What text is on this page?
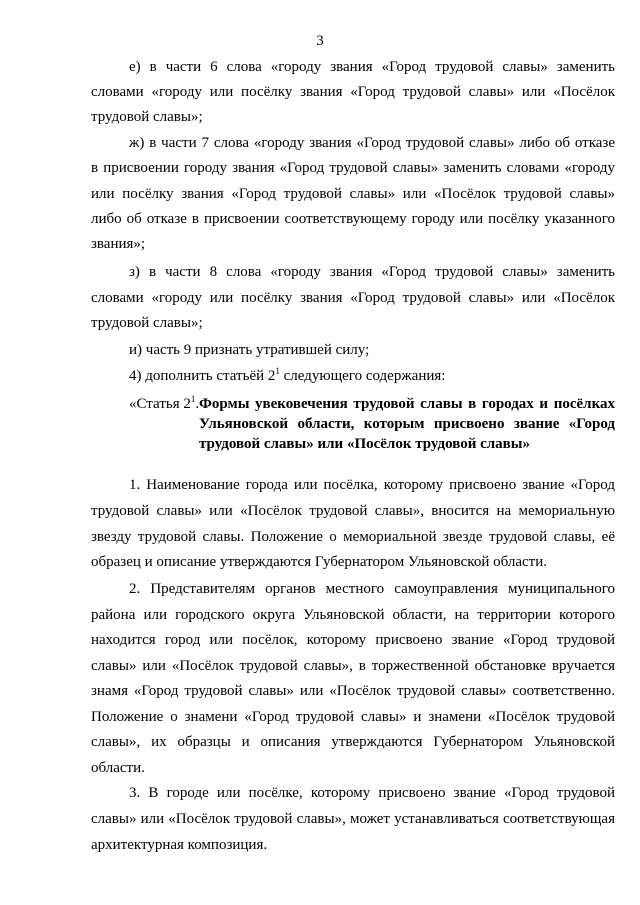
3
е) в части 6 слова «городу звания «Город трудовой славы» заменить
словами «городу или посёлку звания «Город трудовой славы» или «Посёлок
трудовой славы»;
ж) в части 7 слова «городу звания «Город трудовой славы» либо об отказе
в присвоении городу звания «Город трудовой славы» заменить словами «городу
или посёлку звания «Город трудовой славы» или «Посёлок трудовой славы»
либо об отказе в присвоении соответствующему городу или посёлку указанного
звания»;
з) в части 8 слова «городу звания «Город трудовой славы» заменить
словами «городу или посёлку звания «Город трудовой славы» или «Посёлок
трудовой славы»;
и) часть 9 признать утратившей силу;
4) дополнить статьёй $2^1$ следующего содержания:
«Статья $2^1$. Формы увековечения трудовой славы в городах и посёлках
Ульяновской области, которым присвоено звание «Город
трудовой славы» или «Посёлок трудовой славы»
1. Наименование города или посёлка, которому присвоено звание «Город
трудовой славы» или «Посёлок трудовой славы», вносится на мемориальную
звезду трудовой славы. Положение о мемориальной звезде трудовой славы, её
образец и описание утверждаются Губернатором Ульяновской области.
2. Представителям органов местного самоуправления муниципального
района или городского округа Ульяновской области, на территории которого
находится город или посёлок, которому присвоено звание «Город трудовой
славы» или «Посёлок трудовой славы», в торжественной обстановке вручается
знамя «Город трудовой славы» или «Посёлок трудовой славы» соответственно.
Положение о знамени «Город трудовой славы» и знамени «Посёлок трудовой
славы», их образцы и описания утверждаются Губернатором Ульяновской
области.
3. В городе или посёлке, которому присвоено звание «Город трудовой
славы» или «Посёлок трудовой славы», может устанавливаться соответствующая
архитектурная композиция.
